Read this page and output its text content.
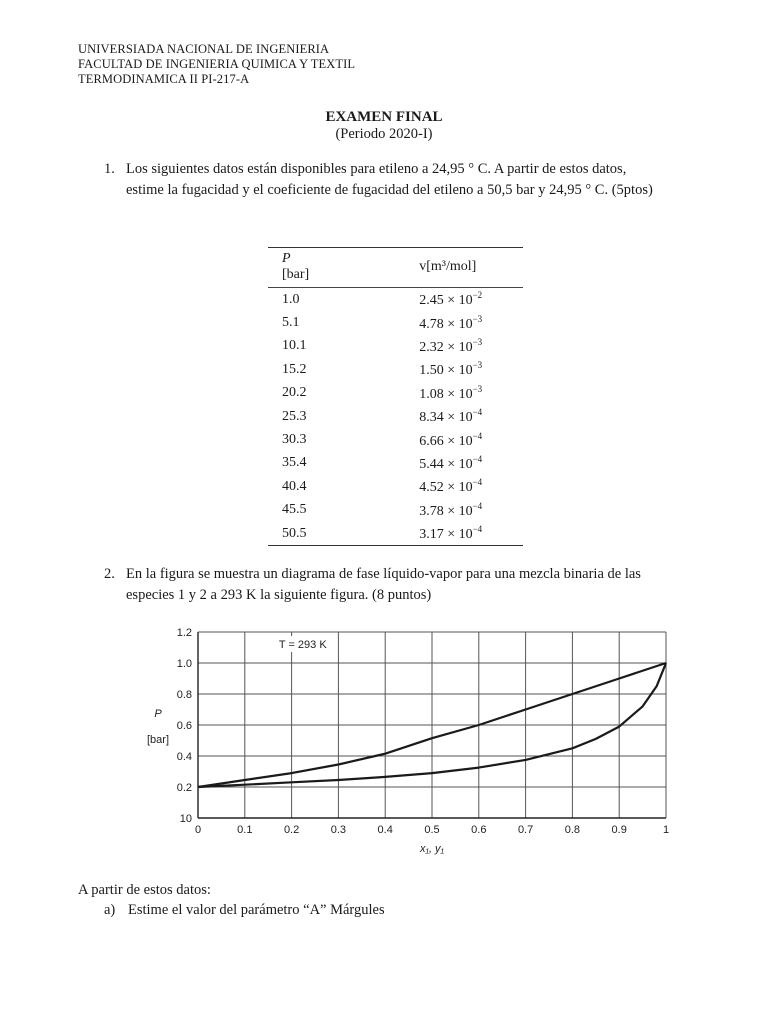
UNIVERSIADA NACIONAL DE INGENIERIA
FACULTAD DE INGENIERIA QUIMICA Y TEXTIL
TERMODINAMICA II PI-217-A
EXAMEN FINAL
(Periodo 2020-I)
1. Los siguientes datos están disponibles para etileno a 24,95 ° C. A partir de estos datos, estime la fugacidad y el coeficiente de fugacidad del etileno a 50,5 bar y 24,95 ° C. (5ptos)
P [bar]	v[m³/mol]
1.0	$2.45 \times 10^{-2}$
5.1	$4.78 \times 10^{-3}$
10.1	$2.32 \times 10^{-3}$
15.2	$1.50 \times 10^{-3}$
20.2	$1.08 \times 10^{-3}$
25.3	$8.34 \times 10^{-4}$
30.3	$6.66 \times 10^{-4}$
35.4	$5.44 \times 10^{-4}$
40.4	$4.52 \times 10^{-4}$
45.5	$3.78 \times 10^{-4}$
50.5	$3.17 \times 10^{-4}$
2. En la figura se muestra un diagrama de fase líquido-vapor para una mezcla binaria de las especies 1 y 2 a 293 K la siguiente figura. (8 puntos)
0	0.1	0.2	0.3	0.4	0.5	0.6	0.7	0.8	0.9	1
1.2
1.0
0.8
0.6
0.4
0.2
10
P
[bar]
x₁, y₁
T = 293 K
A partir de estos datos:
a) Estime el valor del parámetro “A” Márgules
